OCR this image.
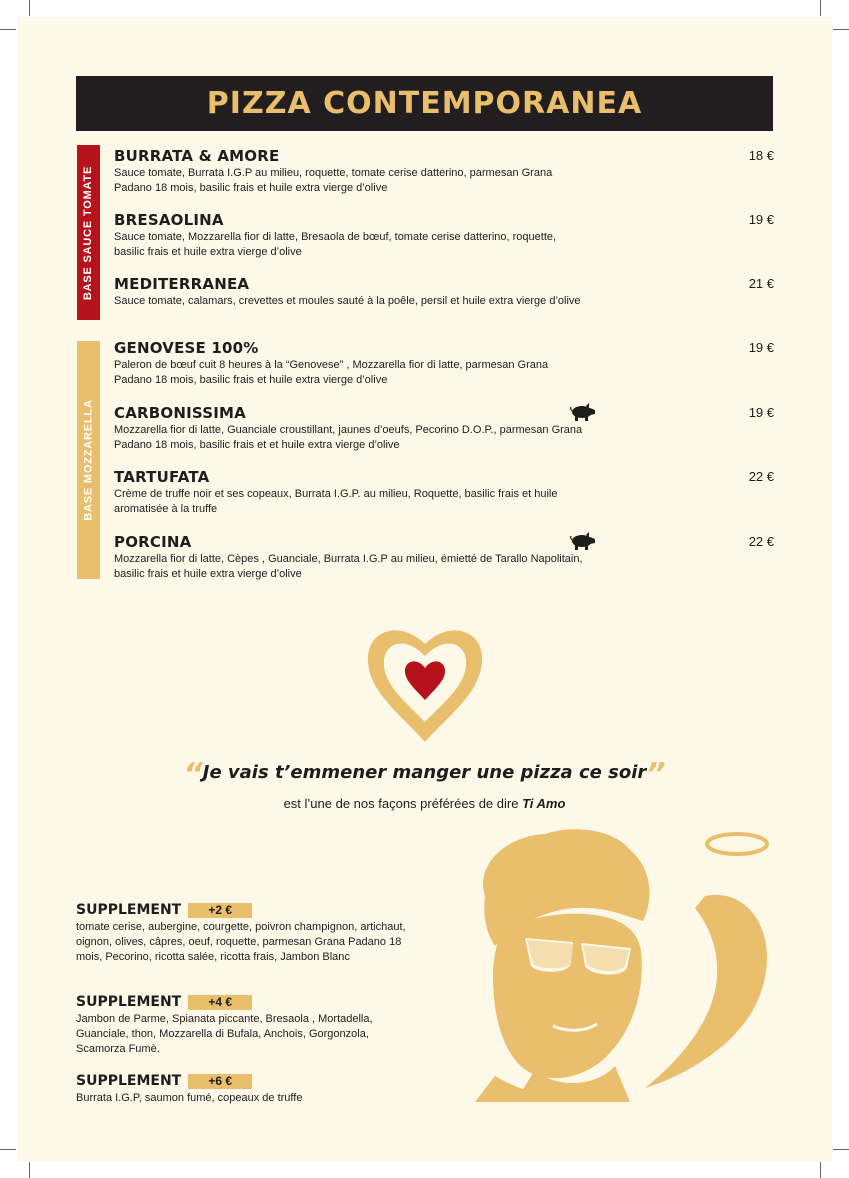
PIZZA CONTEMPORANEA
BASE SAUCE TOMATE
BASE MOZZARELLA
BURRATA & AMORE
Sauce tomate, Burrata I.G.P au milieu, roquette, tomate cerise datterino, parmesan Grana Padano 18 mois, basilic frais et huile extra vierge d’olive
18 €
BRESAOLINA
Sauce tomate, Mozzarella fior di latte, Bresaola de bœuf, tomate cerise datterino, roquette, basilic frais et huile extra vierge d’olive
19 €
MEDITERRANEA
Sauce tomate, calamars, crevettes et moules sauté à la poêle, persil et huile extra vierge d’olive
21 €
GENOVESE 100%
Paleron de bœuf cuit 8 heures à la “Genovese” , Mozzarella fior di latte, parmesan Grana Padano 18 mois, basilic frais et huile extra vierge d’olive
19 €
CARBONISSIMA
Mozzarella fior di latte, Guanciale croustillant, jaunes d’oeufs, Pecorino D.O.P., parmesan Grana Padano 18 mois, basilic frais et et huile extra vierge d’olive
19 €
TARTUFATA
Crème de truffe noir et ses copeaux, Burrata I.G.P. au milieu, Roquette, basilic frais et huile aromatisée à la truffe
22 €
PORCINA
Mozzarella fior di latte, Cèpes , Guanciale, Burrata I.G.P au milieu, émietté de Tarallo Napolitain, basilic frais et huile extra vierge d’olive
22 €
“Je vais t’emmener manger une pizza ce soir”
est l’une de nos façons préférées de dire Ti Amo
SUPPLEMENT	+2 €
tomate cerise, aubergine, courgette, poivron champignon, artichaut, oignon, olives, câpres, oeuf, roquette, parmesan Grana Padano 18 mois, Pecorino, ricotta salée, ricotta frais, Jambon Blanc
SUPPLEMENT	+4 €
Jambon de Parme, Spianata piccante, Bresaola , Mortadella, Guanciale, thon, Mozzarella di Bufala, Anchois, Gorgonzola, Scamorza Fumè.
SUPPLEMENT	+6 €
Burrata I.G.P, saumon fumé, copeaux de truffe
